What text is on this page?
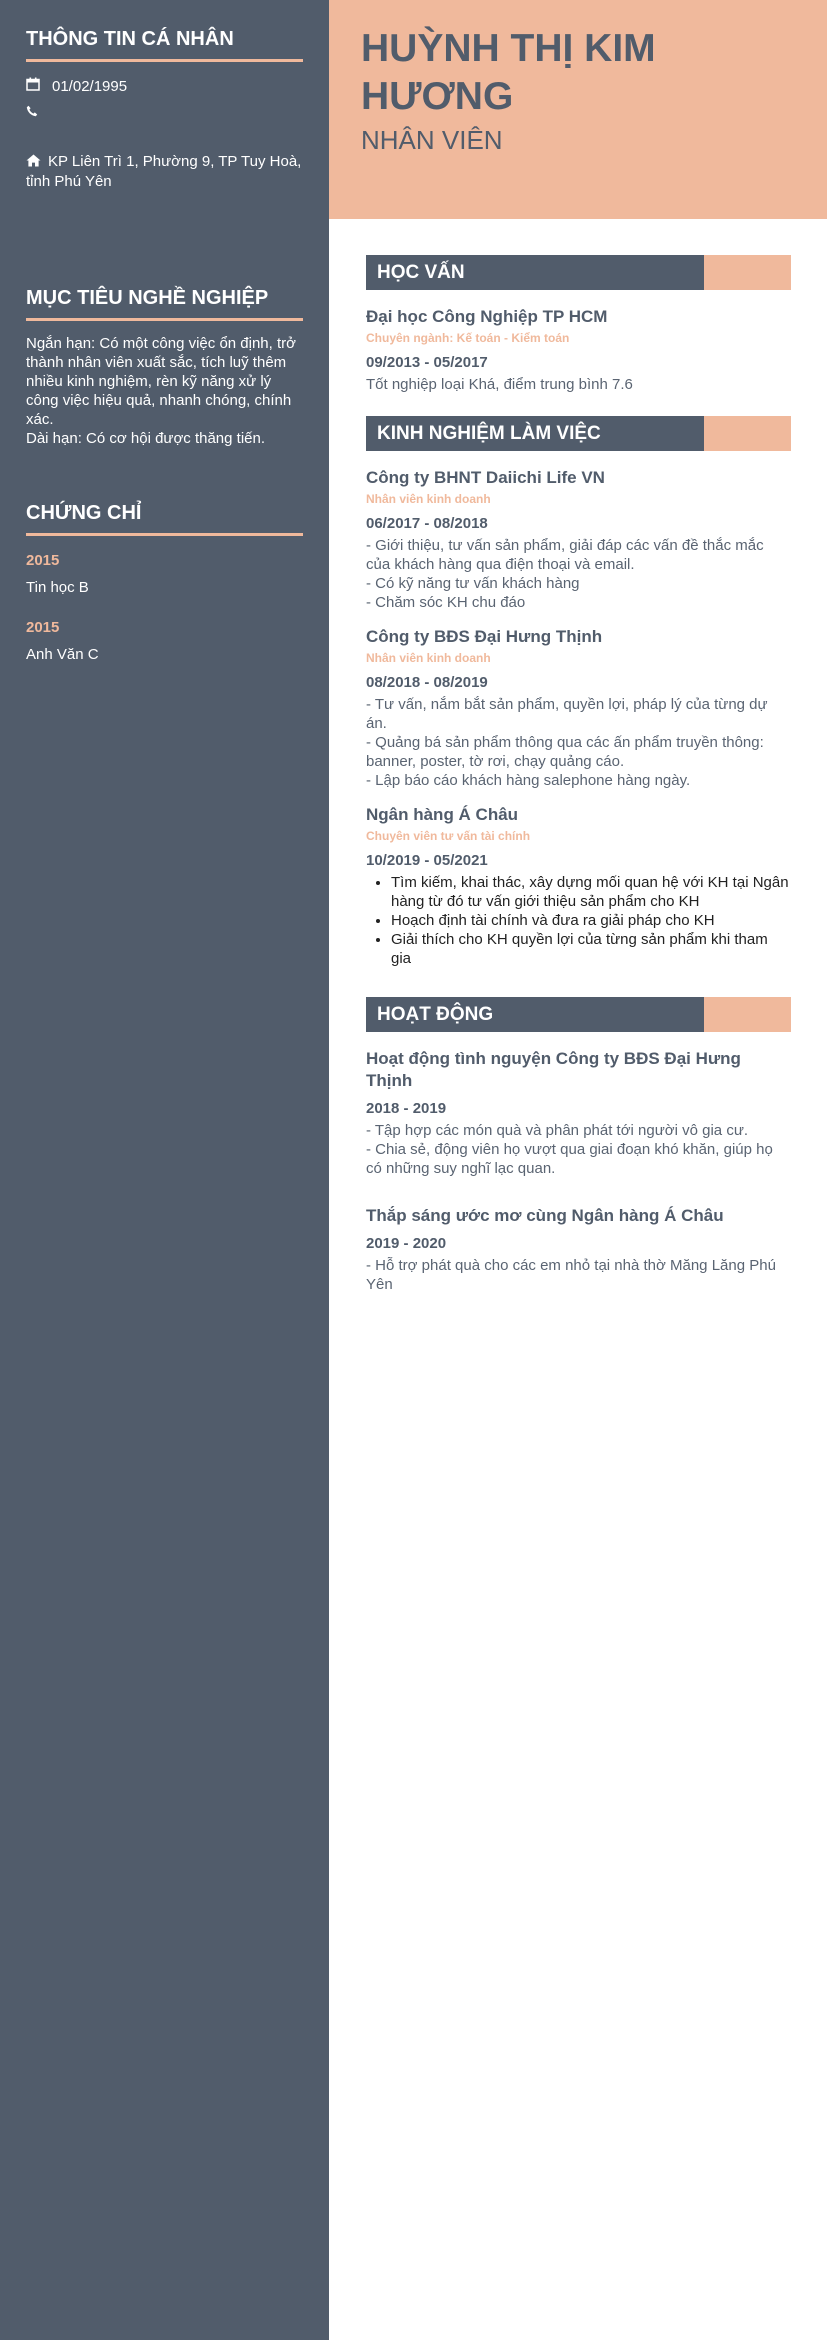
THÔNG TIN CÁ NHÂN
01/02/1995
KP Liên Trì 1, Phường 9, TP Tuy Hoà, tỉnh Phú Yên
MỤC TIÊU NGHỀ NGHIỆP
Ngắn hạn: Có một công việc ổn định, trở thành nhân viên xuất sắc, tích luỹ thêm nhiều kinh nghiệm, rèn kỹ năng xử lý công việc hiệu quả, nhanh chóng, chính xác.
Dài hạn: Có cơ hội được thăng tiến.
CHỨNG CHỈ
2015
Tin học B
2015
Anh Văn C
HUỲNH THỊ KIM HƯƠNG
NHÂN VIÊN
HỌC VẤN
Đại học Công Nghiệp TP HCM
Chuyên ngành: Kế toán - Kiểm toán
09/2013 - 05/2017
Tốt nghiệp loại Khá, điểm trung bình 7.6
KINH NGHIỆM LÀM VIỆC
Công ty BHNT Daiichi Life VN
Nhân viên kinh doanh
06/2017 - 08/2018
- Giới thiệu, tư vấn sản phẩm, giải đáp các vấn đề thắc mắc của khách hàng qua điện thoại và email.
- Có kỹ năng tư vấn khách hàng
- Chăm sóc KH chu đáo
Công ty BĐS Đại Hưng Thịnh
Nhân viên kinh doanh
08/2018 - 08/2019
- Tư vấn, nắm bắt sản phẩm, quyền lợi, pháp lý của từng dự án.
- Quảng bá sản phẩm thông qua các ấn phẩm truyền thông: banner, poster, tờ rơi, chạy quảng cáo.
- Lập báo cáo khách hàng salephone hàng ngày.
Ngân hàng Á Châu
Chuyên viên tư vấn tài chính
10/2019 - 05/2021
• Tìm kiếm, khai thác, xây dựng mối quan hệ với KH tại Ngân hàng từ đó tư vấn giới thiệu sản phẩm cho KH
• Hoạch định tài chính và đưa ra giải pháp cho KH
• Giải thích cho KH quyền lợi của từng sản phẩm khi tham gia
HOẠT ĐỘNG
Hoạt động tình nguyện Công ty BĐS Đại Hưng Thịnh
2018 - 2019
- Tập hợp các món quà và phân phát tới người vô gia cư.
- Chia sẻ, động viên họ vượt qua giai đoạn khó khăn, giúp họ có những suy nghĩ lạc quan.
Thắp sáng ước mơ cùng Ngân hàng Á Châu
2019 - 2020
- Hỗ trợ phát quà cho các em nhỏ tại nhà thờ Măng Lăng Phú Yên
